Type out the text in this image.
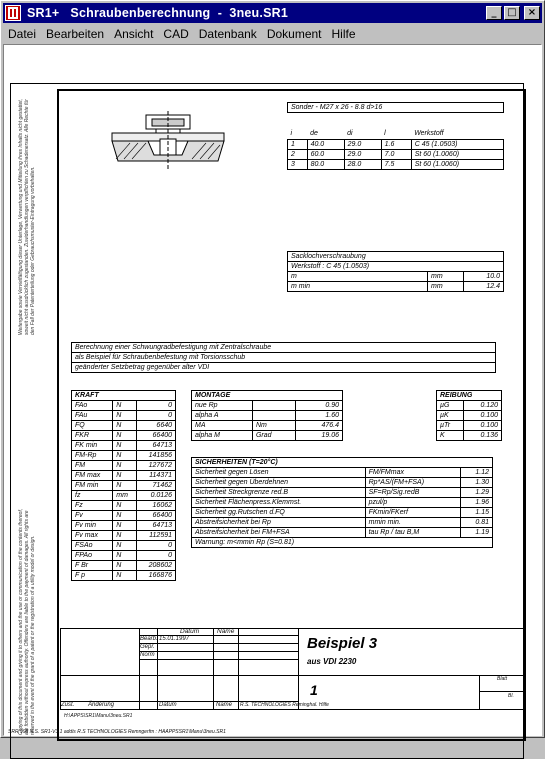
SR1+   Schraubenberechnung  -  3neu.SR1	_	□	×
Datei Bearbeiten Ansicht CAD Datenbank Dokument Hilfe
Weitergabe sowie Vervielfältigung dieser Unterlage, Verwertung und Mitteilung ihres Inhalts nicht gestattet, soweit nicht ausdrücklich zugestanden. Zuwiderhandlungen verpflichten zu Schadenersatz. Alle Rechte für den Fall der Patenterteilung oder Gebrauchsmuster-Eintragung vorbehalten.
Copying of this document and giving it to others and the use or communication of the contents thereof, are forbidden without express authority. Offenders are liable to the payment of damages. All rights are reserved in the event of the grant of a patent or the registration of a utility model or design.
Sonder - M27 x 26 - 8.8 d>16
i	de	di	l	Werkstoff
1	40.0	29.0	1.6	C 45 (1.0503)
2	60.0	29.0	7.0	St 60 (1.0060)
3	80.0	28.0	7.5	St 60 (1.0060)
Sacklochverschraubung		
Werkstoff : C 45 (1.0503)		
m	mm	10.0
m min	mm	12.4
Berechnung einer Schwungradbefestigung mit Zentralschraube
als Beispiel für Schraubenbefestung mit Torsionsschub
geänderter Setzbetrag gegenüber alter VDI
KRAFT		
FAo	N	0
FAu	N	0
FQ	N	6640
FKR	N	66400
FK min	N	64713
FM-Rp	N	141856
FM	N	127672
FM max	N	114371
FM min	N	71462
fz	mm	0.0126
Fz	N	16062
Fv	N	66400
Fv min	N	64713
Fv max	N	112591
FSAo	N	0
FPAo	N	0
F Br	N	208602
F p	N	166876
MONTAGE		
nue Rp		0.90
alpha A		1.60
MA	Nm	476.4
alpha M	Grad	19.06
REIBUNG	
µG	0.120
µK	0.100
µTr	0.100
K	0.136
SICHERHEITEN (T=20°C)		
Sicherheit gegen Lösen	FM/FMmax	1.12
Sicherheit gegen Überdehnen	Rp*AS/(FM+FSA)	1.30
Sicherheit Streckgrenze red.B	SF=Rp/Sig.redB	1.29
Sicherheit Flächenpress.Klemmst.	pzul/p	1.96
Sicherheit gg.Rutschen d.FQ	FKmin/FKerf	1.15
Abstreifsicherheit bei Rp	mmin min.	0.81
Abstreifsicherheit bei FM+FSA	tau Rp / tau B,M	1.19
Warnung: m<mmin Rp (S=0.81)		
Datum	Name
Bearb. 15.01.1997
Gepr.
Norm
Beispiel 3
aus VDI 2230
1
Blatt
Bl.
Zust. Änderung	Datum	Name R.S. TECHNOLOGIES Reminghal. Hilfe
H:\APPS\SR1\Manu\3neu.SR1
SRR 998 N.S. SR1-V3.1 addis R.S TECHNOLOGIES Remngerfm : HAAPPSSR1\Manu\3neu.SR1
